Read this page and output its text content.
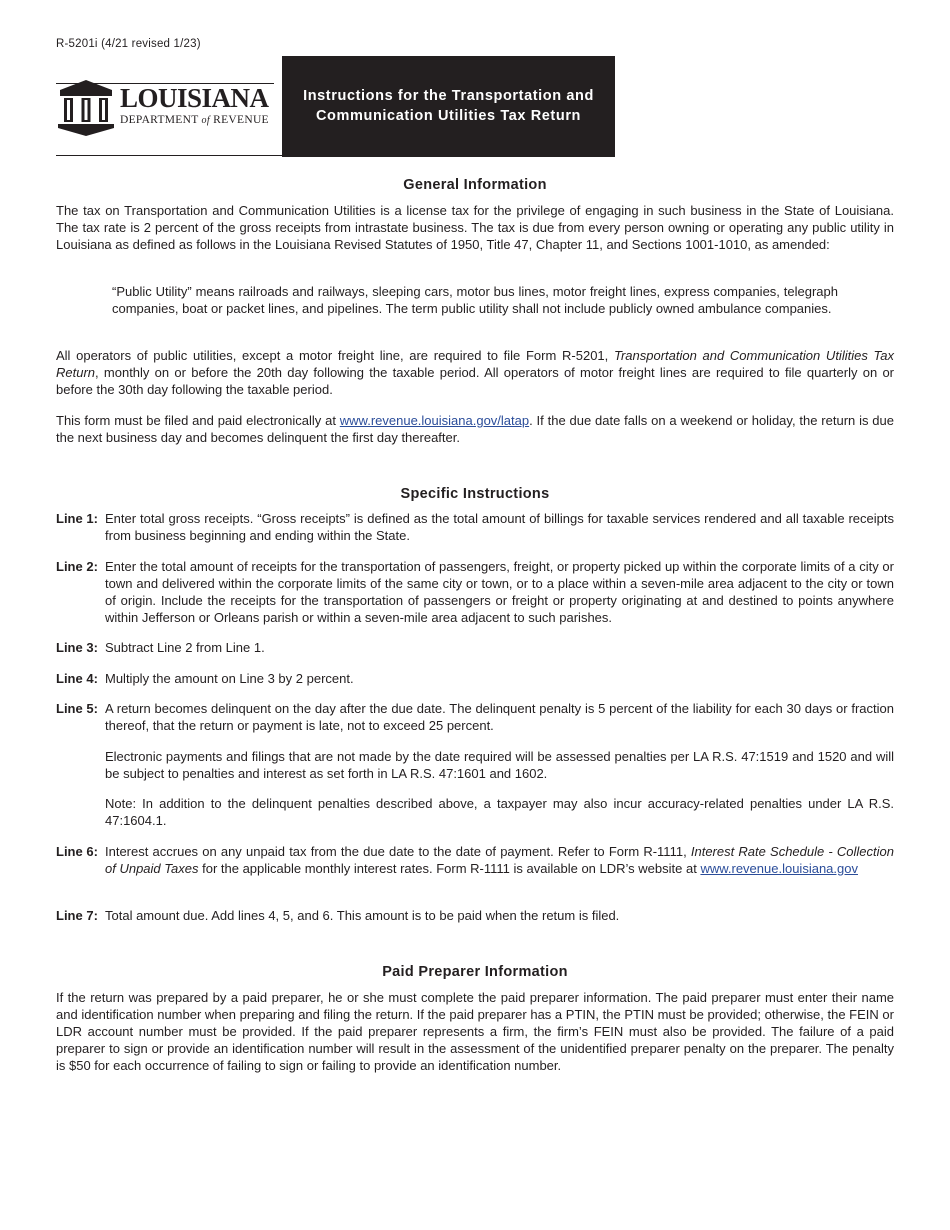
R-5201i (4/21 revised 1/23)
LOUISIANA
DEPARTMENT of REVENUE
Instructions for the Transportation and
Communication Utilities Tax Return
General Information

The tax on Transportation and Communication Utilities is a license tax for the privilege of engaging in such business in the State of Louisiana. The tax rate is 2 percent of the gross receipts from intrastate business. The tax is due from every person owning or operating any public utility in Louisiana as defined as follows in the Louisiana Revised Statutes of 1950, Title 47, Chapter 11, and Sections 1001-1010, as amended:

“Public Utility” means railroads and railways, sleeping cars, motor bus lines, motor freight lines, express companies, telegraph companies, boat or packet lines, and pipelines. The term public utility shall not include publicly owned ambulance companies.

All operators of public utilities, except a motor freight line, are required to file Form R-5201, Transportation and Communication Utilities Tax Return, monthly on or before the 20th day following the taxable period. All operators of motor freight lines are required to file quarterly on or before the 30th day following the taxable period.

This form must be filed and paid electronically at www.revenue.louisiana.gov/latap. If the due date falls on a weekend or holiday, the return is due the next business day and becomes delinquent the first day thereafter.

Specific Instructions
Line 1: Enter total gross receipts. “Gross receipts” is defined as the total amount of billings for taxable services rendered and all taxable receipts from business beginning and ending within the State.
Line 2: Enter the total amount of receipts for the transportation of passengers, freight, or property picked up within the corporate limits of a city or town and delivered within the corporate limits of the same city or town, or to a place within a seven-mile area adjacent to the city or town of origin. Include the receipts for the transportation of passengers or freight or property originating at and destined to points anywhere within Jefferson or Orleans parish or within a seven-mile area adjacent to such parishes.
Line 3: Subtract Line 2 from Line 1.
Line 4: Multiply the amount on Line 3 by 2 percent.
Line 5: A return becomes delinquent on the day after the due date. The delinquent penalty is 5 percent of the liability for each 30 days or fraction thereof, that the return or payment is late, not to exceed 25 percent.
Electronic payments and filings that are not made by the date required will be assessed penalties per LA R.S. 47:1519 and 1520 and will be subject to penalties and interest as set forth in LA R.S. 47:1601 and 1602.
Note: In addition to the delinquent penalties described above, a taxpayer may also incur accuracy-related penalties under LA R.S. 47:1604.1.
Line 6: Interest accrues on any unpaid tax from the due date to the date of payment. Refer to Form R-1111, Interest Rate Schedule - Collection of Unpaid Taxes for the applicable monthly interest rates. Form R-1111 is available on LDR’s website at www.revenue.louisiana.gov
Line 7: Total amount due. Add lines 4, 5, and 6. This amount is to be paid when the retum is filed.
Paid Preparer Information

If the return was prepared by a paid preparer, he or she must complete the paid preparer information. The paid preparer must enter their name and identification number when preparing and filing the return. If the paid preparer has a PTIN, the PTIN must be provided; otherwise, the FEIN or LDR account number must be provided. If the paid preparer represents a firm, the firm’s FEIN must also be provided. The failure of a paid preparer to sign or provide an identification number will result in the assessment of the unidentified preparer penalty on the preparer. The penalty is $50 for each occurrence of failing to sign or failing to provide an identification number.
